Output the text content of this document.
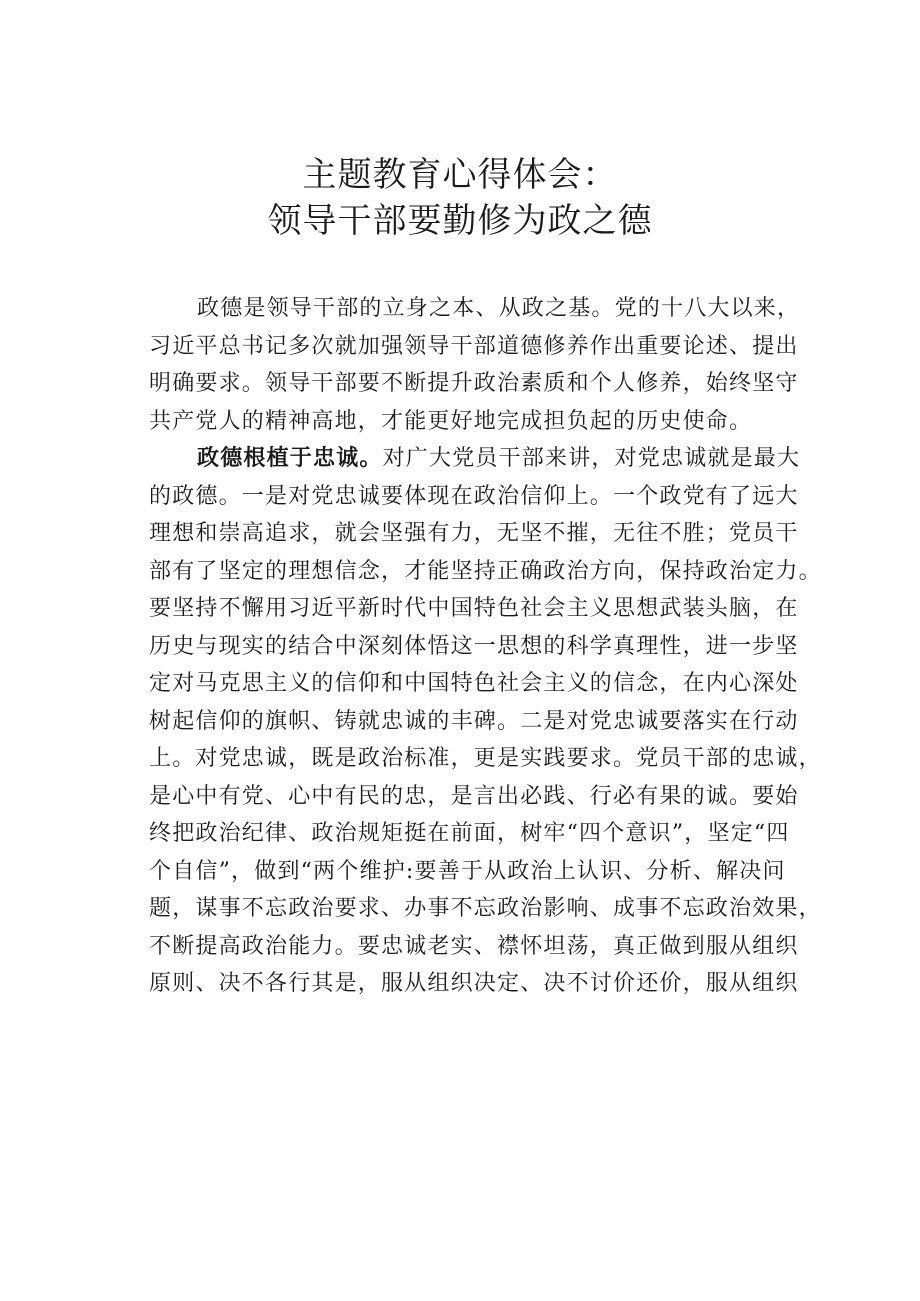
主题教育心得体会：
领导干部要勤修为政之德
政德是领导干部的立身之本、从政之基。党的十八大以来，
习近平总书记多次就加强领导干部道德修养作出重要论述、提出
明确要求。领导干部要不断提升政治素质和个人修养，始终坚守
共产党人的精神高地，才能更好地完成担负起的历史使命。
政德根植于忠诚。对广大党员干部来讲，对党忠诚就是最大
的政德。一是对党忠诚要体现在政治信仰上。一个政党有了远大
理想和崇高追求，就会坚强有力，无坚不摧，无往不胜；党员干
部有了坚定的理想信念，才能坚持正确政治方向，保持政治定力。
要坚持不懈用习近平新时代中国特色社会主义思想武装头脑，在
历史与现实的结合中深刻体悟这一思想的科学真理性，进一步坚
定对马克思主义的信仰和中国特色社会主义的信念，在内心深处
树起信仰的旗帜、铸就忠诚的丰碑。二是对党忠诚要落实在行动
上。对党忠诚，既是政治标准，更是实践要求。党员干部的忠诚，
是心中有党、心中有民的忠，是言出必践、行必有果的诚。要始
终把政治纪律、政治规矩挺在前面，树牢“四个意识”，坚定“四
个自信”，做到“两个维护:要善于从政治上认识、分析、解决问
题，谋事不忘政治要求、办事不忘政治影响、成事不忘政治效果，
不断提高政治能力。要忠诚老实、襟怀坦荡，真正做到服从组织
原则、决不各行其是，服从组织决定、决不讨价还价，服从组织
